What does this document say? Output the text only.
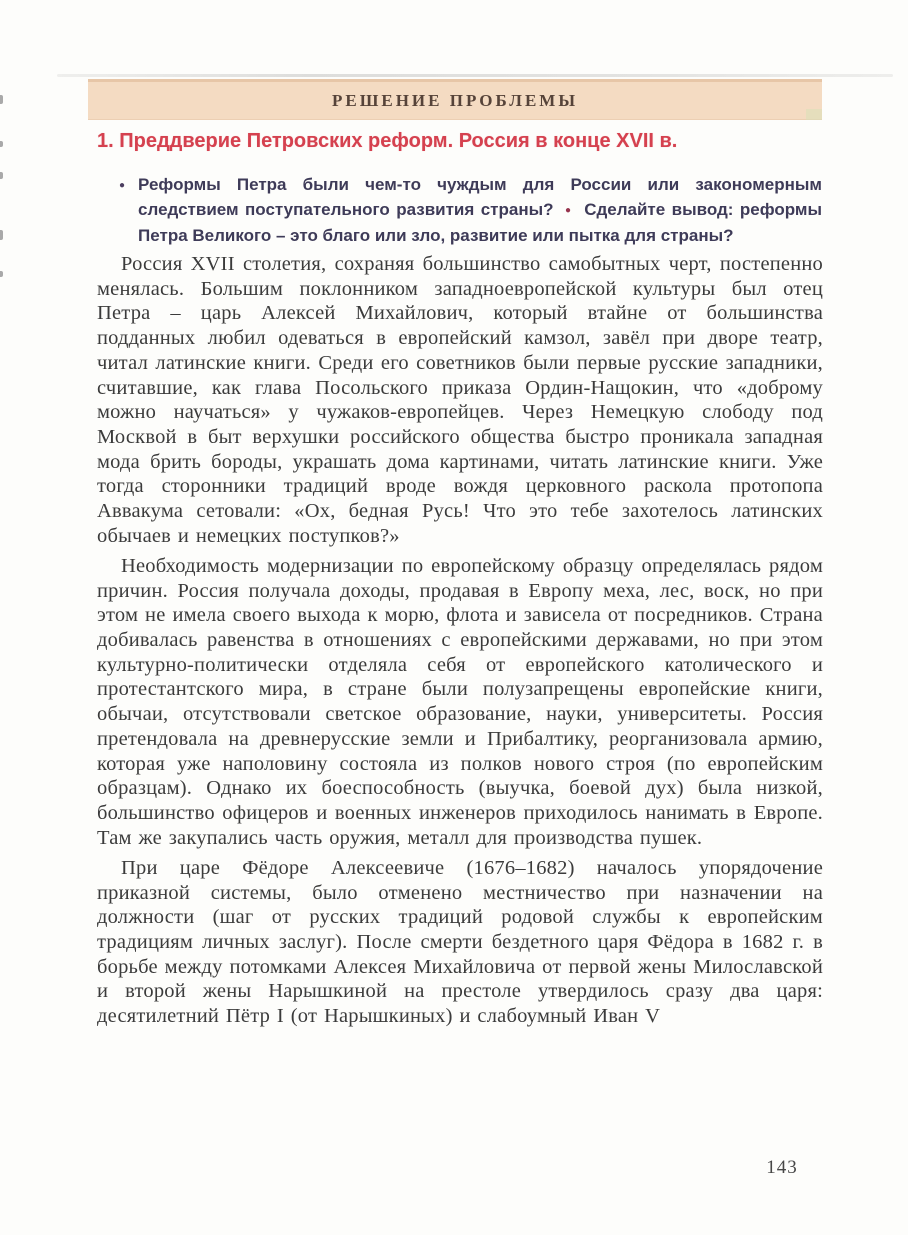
РЕШЕНИЕ ПРОБЛЕМЫ
1. Преддверие Петровских реформ. Россия в конце XVII в.
● Реформы Петра были чем-то чуждым для России или закономерным следствием поступательного развития страны? ● Сделайте вывод: реформы Петра Великого – это благо или зло, развитие или пытка для страны?

Россия XVII столетия, сохраняя большинство самобытных черт, постепенно менялась. Большим поклонником западноевропейской культуры был отец Петра – царь Алексей Михайлович, который втайне от большинства подданных любил одеваться в европейский камзол, завёл при дворе театр, читал латинские книги. Среди его советников были первые русские западники, считавшие, как глава Посольского приказа Ордин-Нащокин, что «доброму можно научаться» у чужаков-европейцев. Через Немецкую слободу под Москвой в быт верхушки российского общества быстро проникала западная мода брить бороды, украшать дома картинами, читать латинские книги. Уже тогда сторонники традиций вроде вождя церковного раскола протопопа Аввакума сетовали: «Ох, бедная Русь! Что это тебе захотелось латинских обычаев и немецких поступков?»

Необходимость модернизации по европейскому образцу определялась рядом причин. Россия получала доходы, продавая в Европу меха, лес, воск, но при этом не имела своего выхода к морю, флота и зависела от посредников. Страна добивалась равенства в отношениях с европейскими державами, но при этом культурно-политически отделяла себя от европейского католического и протестантского мира, в стране были полузапрещены европейские книги, обычаи, отсутствовали светское образование, науки, университеты. Россия претендовала на древнерусские земли и Прибалтику, реорганизовала армию, которая уже наполовину состояла из полков нового строя (по европейским образцам). Однако их боеспособность (выучка, боевой дух) была низкой, большинство офицеров и военных инженеров приходилось нанимать в Европе. Там же закупались часть оружия, металл для производства пушек.

При царе Фёдоре Алексеевиче (1676–1682) началось упорядочение приказной системы, было отменено местничество при назначении на должности (шаг от русских традиций родовой службы к европейским традициям личных заслуг). После смерти бездетного царя Фёдора в 1682 г. в борьбе между потомками Алексея Михайловича от первой жены Милославской и второй жены Нарышкиной на престоле утвердилось сразу два царя: десятилетний Пётр I (от Нарышкиных) и слабоумный Иван V

143
